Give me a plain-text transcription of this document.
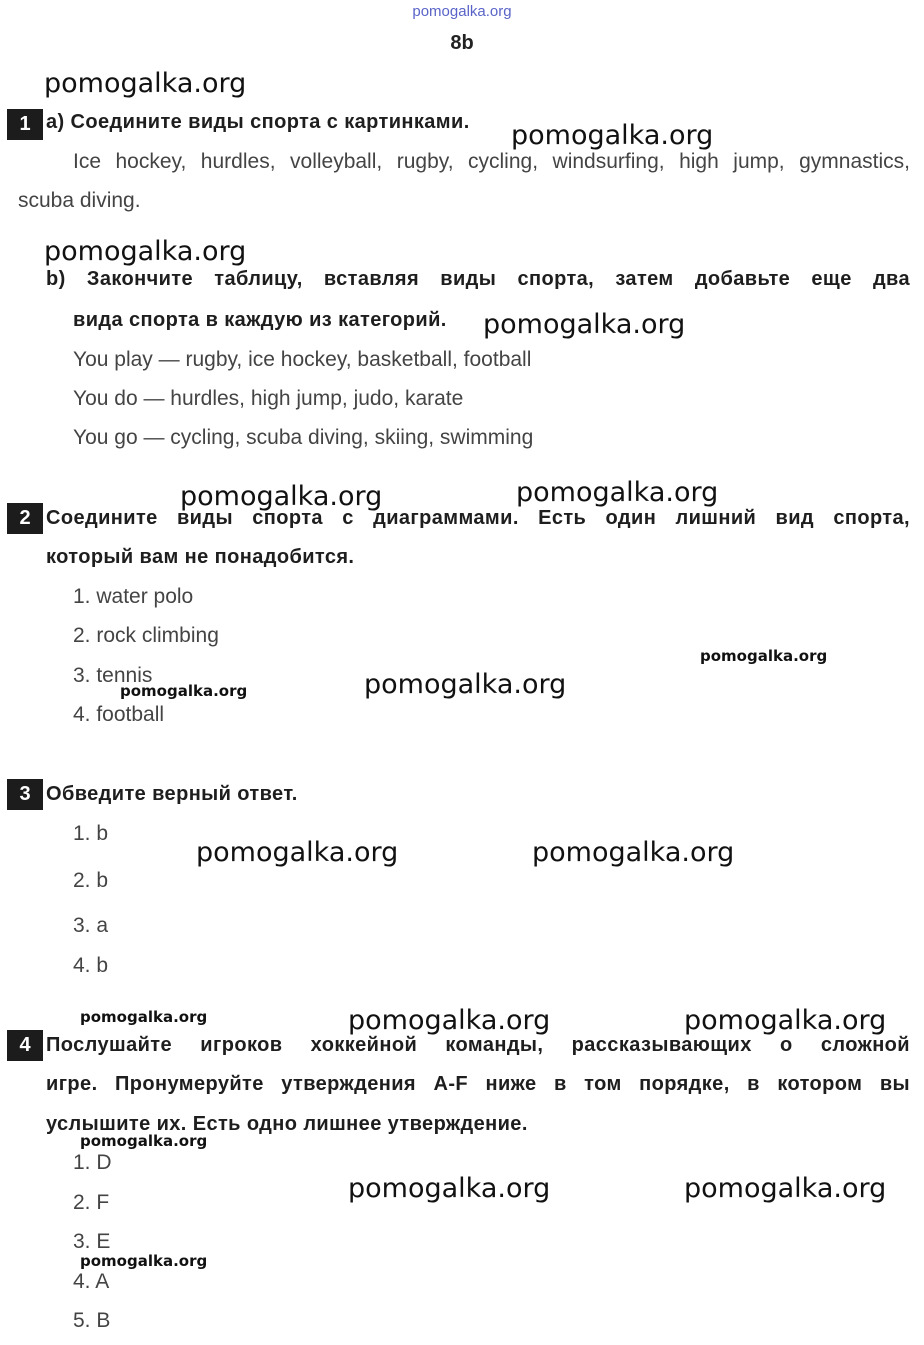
pomogalka.org
8b
1 a) Соедините виды спорта с картинками.
Ice hockey, hurdles, volleyball, rugby, cycling, windsurfing, high jump, gymnastics,
scuba diving.
b) Закончите таблицу, вставляя виды спорта, затем добавьте еще два
вида спорта в каждую из категорий.
You play — rugby, ice hockey, basketball, football
You do — hurdles, high jump, judo, karate
You go — cycling, scuba diving, skiing, swimming
2 Соедините виды спорта с диаграммами. Есть один лишний вид спорта,
который вам не понадобится.
1. water polo
2. rock climbing
3. tennis
4. football
3 Обведите верный ответ.
1. b
2. b
3. a
4. b
4 Послушайте игроков хоккейной команды, рассказывающих о сложной
игре. Пронумеруйте утверждения A-F ниже в том порядке, в котором вы
услышите их. Есть одно лишнее утверждение.
1. D
2. F
3. E
4. A
5. B
pomogalka.org
pomogalka.org
pomogalka.org
pomogalka.org
pomogalka.org	pomogalka.org
pomogalka.org
pomogalka.org
pomogalka.org
pomogalka.org	pomogalka.org
pomogalka.org	pomogalka.org	pomogalka.org
pomogalka.org
pomogalka.org	pomogalka.org
pomogalka.org
